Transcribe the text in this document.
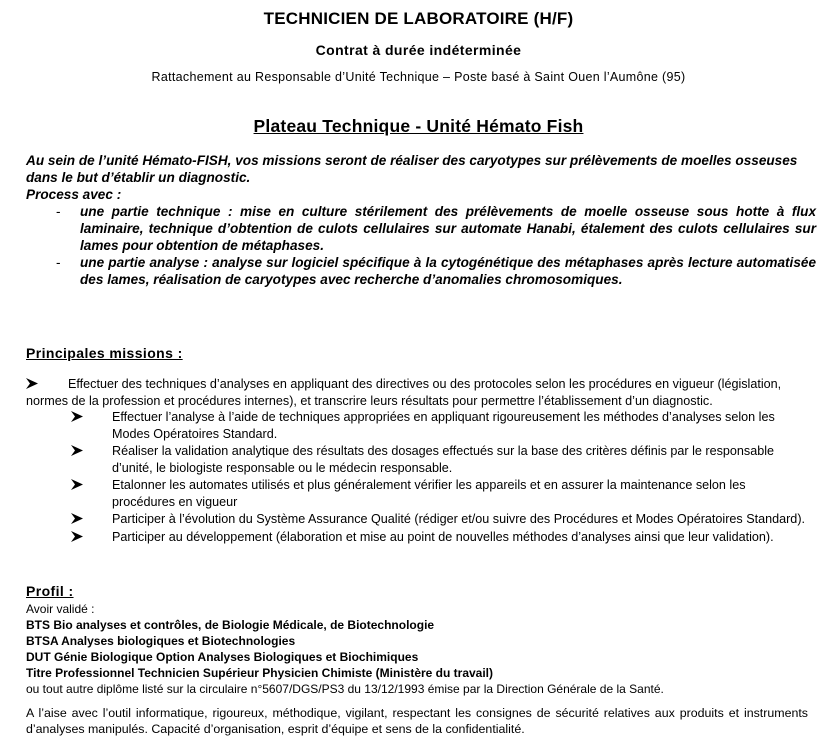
TECHNICIEN DE LABORATOIRE (H/F)
Contrat à durée indéterminée
Rattachement au Responsable d’Unité Technique – Poste basé à Saint Ouen l’Aumône (95)
Plateau Technique - Unité Hémato Fish

Au sein de l’unité Hémato-FISH, vos missions seront de réaliser des caryotypes sur prélèvements de moelles osseuses dans le but d’établir un diagnostic.

Process avec :

- une partie technique : mise en culture stérilement des prélèvements de moelle osseuse sous hotte à flux laminaire, technique d’obtention de culots cellulaires sur automate Hanabi, étalement des culots cellulaires sur lames pour obtention de métaphases.
- une partie analyse : analyse sur logiciel spécifique à la cytogénétique des métaphases après lecture automatisée des lames, réalisation de caryotypes avec recherche d’anomalies chromosomiques.
Principales missions :

Effectuer des techniques d’analyses en appliquant des directives ou des protocoles selon les procédures en vigueur (législation, normes de la profession et procédures internes), et transcrire leurs résultats pour permettre l’établissement d’un diagnostic.

Effectuer l’analyse à l’aide de techniques appropriées en appliquant rigoureusement les méthodes d’analyses selon les Modes Opératoires Standard.
Réaliser la validation analytique des résultats des dosages effectués sur la base des critères définis par le responsable d’unité, le biologiste responsable ou le médecin responsable.
Etalonner les automates utilisés et plus généralement vérifier les appareils et en assurer la maintenance selon les procédures en vigueur
Participer à l’évolution du Système Assurance Qualité (rédiger et/ou suivre des Procédures et Modes Opératoires Standard).
Participer au développement (élaboration et mise au point de nouvelles méthodes d’analyses ainsi que leur validation).
Profil :
Avoir validé :
BTS Bio analyses et contrôles, de Biologie Médicale, de Biotechnologie
BTSA Analyses biologiques et Biotechnologies
DUT Génie Biologique Option Analyses Biologiques et Biochimiques
Titre Professionnel Technicien Supérieur Physicien Chimiste (Ministère du travail)
ou tout autre diplôme listé sur la circulaire n°5607/DGS/PS3 du 13/12/1993 émise par la Direction Générale de la Santé.
A l’aise avec l’outil informatique, rigoureux, méthodique, vigilant, respectant les consignes de sécurité relatives aux produits et instruments d’analyses manipulés. Capacité d’organisation, esprit d’équipe et sens de la confidentialité.
